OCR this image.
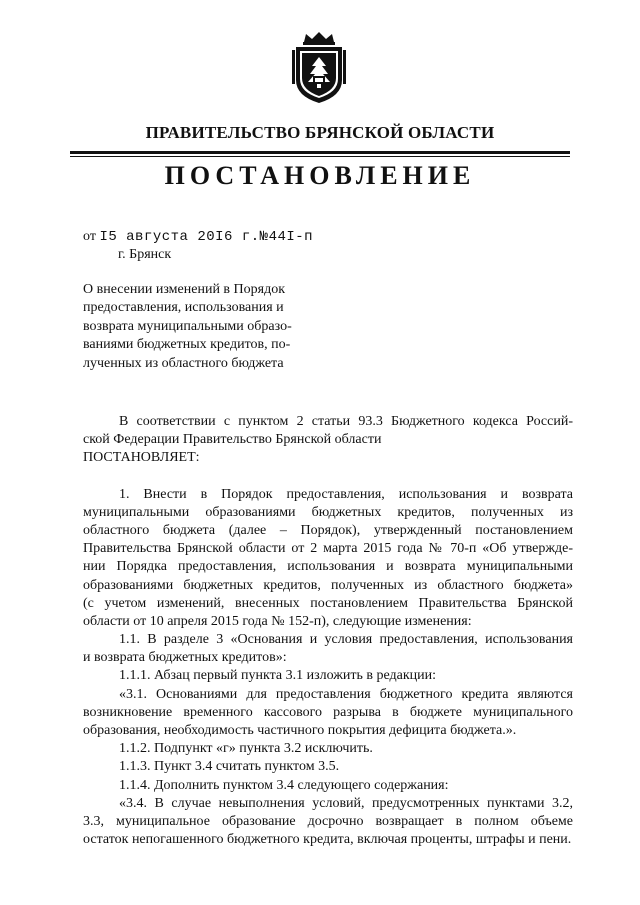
ПРАВИТЕЛЬСТВО БРЯНСКОЙ ОБЛАСТИ
ПОСТАНОВЛЕНИЕ
от I5 августа 20I6 г.№44I-п
г. Брянск
О внесении изменений в Порядок
предоставления, использования и
возврата муниципальными образо-
ваниями бюджетных кредитов, по-
лученных из областного бюджета
В соответствии с пунктом 2 статьи 93.3 Бюджетного кодекса Россий-
ской Федерации Правительство Брянской области
ПОСТАНОВЛЯЕТ:
1. Внести в Порядок предоставления, использования и возврата
муниципальными образованиями бюджетных кредитов, полученных из
областного бюджета (далее – Порядок), утвержденный постановлением
Правительства Брянской области от 2 марта 2015 года № 70-п «Об утвержде-
нии Порядка предоставления, использования и возврата муниципальными
образованиями бюджетных кредитов, полученных из областного бюджета»
(с учетом изменений, внесенных постановлением Правительства Брянской
области от 10 апреля 2015 года № 152-п), следующие изменения:
1.1. В разделе 3 «Основания и условия предоставления, использования
и возврата бюджетных кредитов»:
1.1.1. Абзац первый пункта 3.1 изложить в редакции:
«3.1. Основаниями для предоставления бюджетного кредита являются
возникновение временного кассового разрыва в бюджете муниципального
образования, необходимость частичного покрытия дефицита бюджета.».
1.1.2. Подпункт «г» пункта 3.2 исключить.
1.1.3. Пункт 3.4 считать пунктом 3.5.
1.1.4. Дополнить пунктом 3.4 следующего содержания:
«3.4. В случае невыполнения условий, предусмотренных пунктами 3.2,
3.3, муниципальное образование досрочно возвращает в полном объеме
остаток непогашенного бюджетного кредита, включая проценты, штрафы и пени.
